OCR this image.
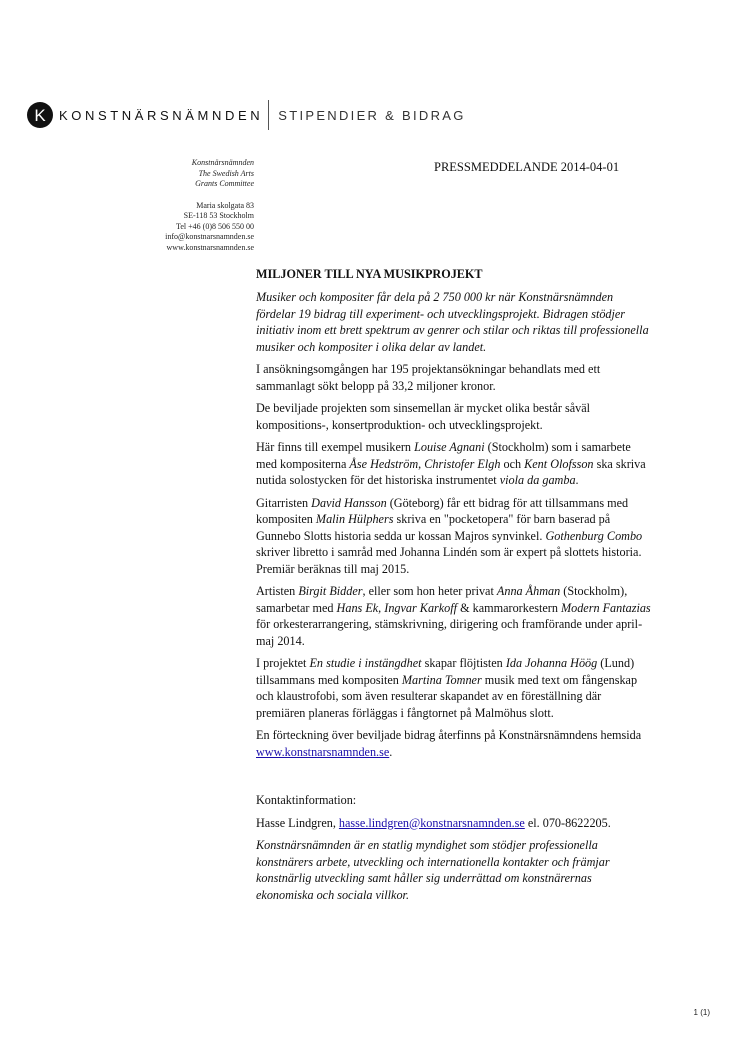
K	KONSTNÄRSNÄMNDEN STIPENDIER & BIDRAG
Konstnärsnämnden
The Swedish Arts
Grants Committee
Maria skolgata 83
SE-118 53 Stockholm
Tel +46 (0)8 506 550 00
info@konstnarsnamnden.se
www.konstnarsnamnden.se
PRESSMEDDELANDE 2014-04-01
MILJONER TILL NYA MUSIKPROJEKT

Musiker och kompositer får dela på 2 750 000 kr när Konstnärsnämnden fördelar 19 bidrag till experiment- och utvecklingsprojekt. Bidragen stödjer initiativ inom ett brett spektrum av genrer och stilar och riktas till professionella musiker och kompositer i olika delar av landet.

I ansökningsomgången har 195 projektansökningar behandlats med ett sammanlagt sökt belopp på 33,2 miljoner kronor.

De beviljade projekten som sinsemellan är mycket olika består såväl kompositions-, konsertproduktion- och utvecklingsprojekt.

Här finns till exempel musikern Louise Agnani (Stockholm) som i samarbete med kompositerna Åse Hedström, Christofer Elgh och Kent Olofsson ska skriva nutida solostycken för det historiska instrumentet viola da gamba.

Gitarristen David Hansson (Göteborg) får ett bidrag för att tillsammans med kompositen Malin Hülphers skriva en "pocketopera" för barn baserad på Gunnebo Slotts historia sedda ur kossan Majros synvinkel. Gothenburg Combo skriver libretto i samråd med Johanna Lindén som är expert på slottets historia. Premiär beräknas till maj 2015.

Artisten Birgit Bidder, eller som hon heter privat Anna Åhman (Stockholm), samarbetar med Hans Ek, Ingvar Karkoff & kammarorkestern Modern Fantazias för orkesterarrangering, stämskrivning, dirigering och framförande under april-maj 2014.

I projektet En studie i instängdhet skapar flöjtisten Ida Johanna Höög (Lund) tillsammans med kompositen Martina Tomner musik med text om fångenskap och klaustrofobi, som även resulterar skapandet av en föreställning där premiären planeras förläggas i fångtornet på Malmöhus slott.

En förteckning över beviljade bidrag återfinns på Konstnärsnämndens hemsida www.konstnarsnamnden.se.

Kontaktinformation:

Hasse Lindgren, hasse.lindgren@konstnarsnamnden.se el. 070-8622205.

Konstnärsnämnden är en statlig myndighet som stödjer professionella konstnärers arbete, utveckling och internationella kontakter och främjar konstnärlig utveckling samt håller sig underrättad om konstnärernas ekonomiska och sociala villkor.

1 (1)
